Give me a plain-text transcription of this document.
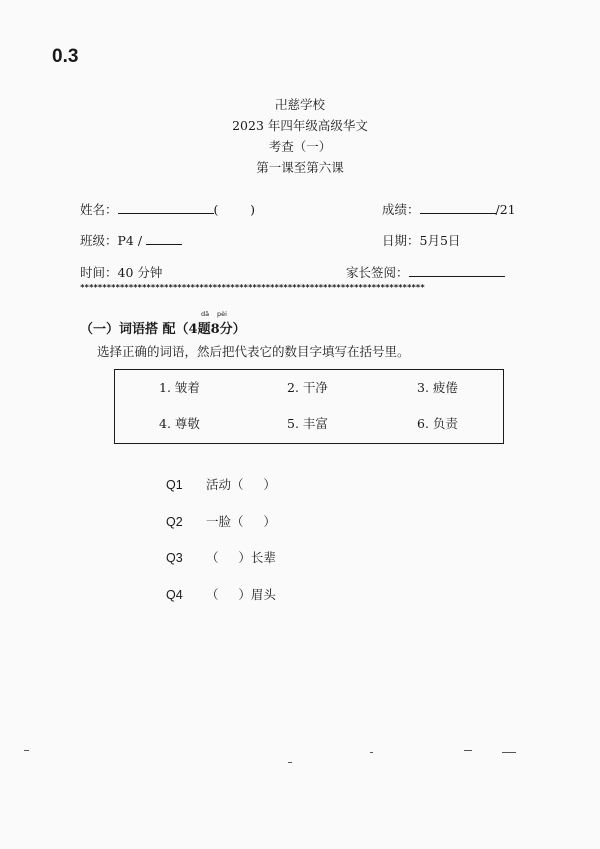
0.3
卍慈学校
2023 年四年级高级华文
考查（一）
第一课至第六课
姓名：	(        )	成绩：	/21
班级：P4 /	日期：5月5日
时间：40 分钟	家长签阅：
******************************************************************************
（一）词语搭 配（4题8分）
dā pèi
选择正确的词语，然后把代表它的数目字填写在括号里。
1. 皱着	2. 干净	3. 疲倦
4. 尊敬	5. 丰富	6. 负责
Q1 活动（     ）
Q2 一脸（     ）
Q3 （     ）长辈
Q4 （     ）眉头
